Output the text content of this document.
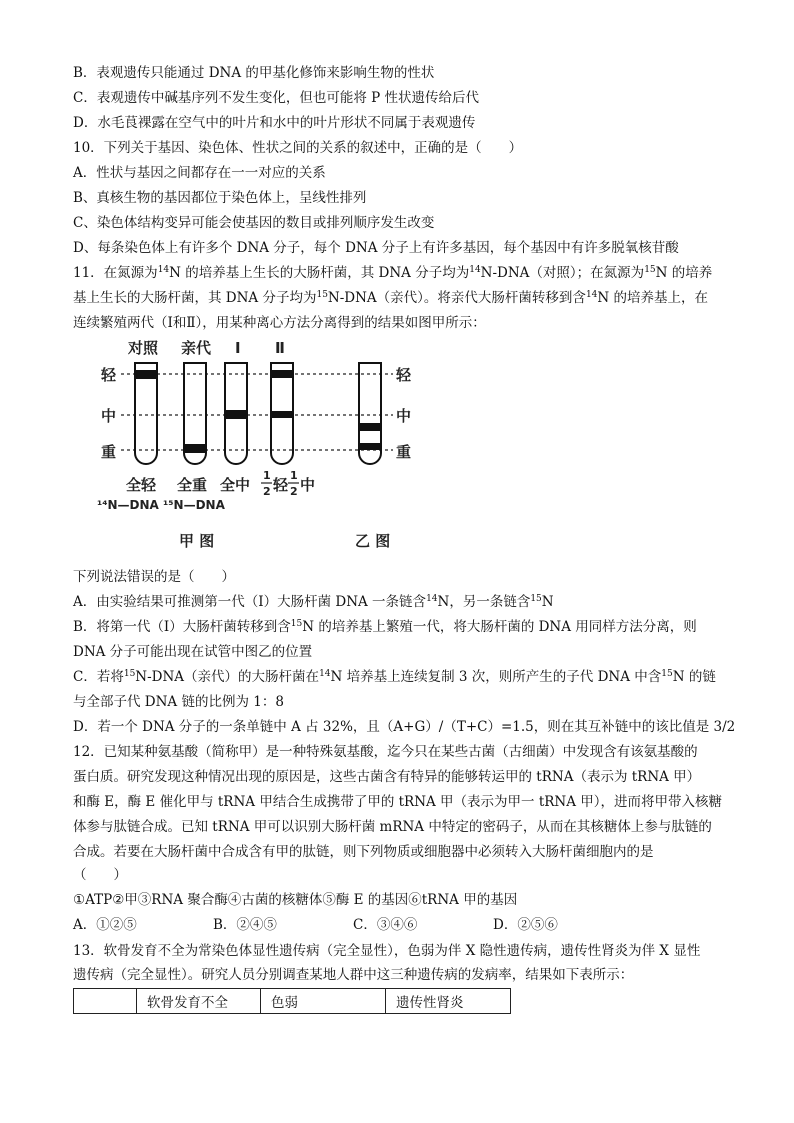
B．表观遗传只能通过 DNA 的甲基化修饰来影响生物的性状
C．表观遗传中碱基序列不发生变化，但也可能将 P 性状遗传给后代
D．水毛茛裸露在空气中的叶片和水中的叶片形状不同属于表观遗传
10．下列关于基因、染色体、性状之间的关系的叙述中，正确的是（　　）
A．性状与基因之间都存在一一对应的关系
B、真核生物的基因都位于染色体上，呈线性排列
C、染色体结构变异可能会使基因的数目或排列顺序发生改变
D、每条染色体上有许多个 DNA 分子，每个 DNA 分子上有许多基因，每个基因中有许多脱氧核苷酸
11．在氮源为$^{14}$N 的培养基上生长的大肠杆菌，其 DNA 分子均为$^{14}$N-DNA（对照）；在氮源为$^{15}$N 的培养
基上生长的大肠杆菌，其 DNA 分子均为$^{15}$N-DNA（亲代）。将亲代大肠杆菌转移到含$^{14}$N 的培养基上，在
连续繁殖两代（Ⅰ和Ⅱ），用某种离心方法分离得到的结果如图甲所示：
对照 亲代 Ⅰ Ⅱ
轻
中
重
轻
中
重
全轻 全重 全中
1
2 轻
1
2 中
¹⁴N—DNA ¹⁵N—DNA
甲 图	乙 图
下列说法错误的是（　　）
A．由实验结果可推测第一代（Ⅰ）大肠杆菌 DNA 一条链含$^{14}$N，另一条链含$^{15}$N
B．将第一代（Ⅰ）大肠杆菌转移到含$^{15}$N 的培养基上繁殖一代，将大肠杆菌的 DNA 用同样方法分离，则
DNA 分子可能出现在试管中图乙的位置
C．若将$^{15}$N-DNA（亲代）的大肠杆菌在$^{14}$N 培养基上连续复制 3 次，则所产生的子代 DNA 中含$^{15}$N 的链
与全部子代 DNA 链的比例为 1：8
D．若一个 DNA 分子的一条单链中 A 占 32%，且（A+G）/（T+C）=1.5，则在其互补链中的该比值是 3/2
12．已知某种氨基酸（简称甲）是一种特殊氨基酸，迄今只在某些古菌（古细菌）中发现含有该氨基酸的
蛋白质。研究发现这种情况出现的原因是，这些古菌含有特异的能够转运甲的 tRNA（表示为 tRNA 甲）
和酶 E，酶 E 催化甲与 tRNA 甲结合生成携带了甲的 tRNA 甲（表示为甲一 tRNA 甲），进而将甲带入核糖
体参与肽链合成。已知 tRNA 甲可以识别大肠杆菌 mRNA 中特定的密码子，从而在其核糖体上参与肽链的
合成。若要在大肠杆菌中合成含有甲的肽链，则下列物质或细胞器中必须转入大肠杆菌细胞内的是
（　　）
①ATP②甲③RNA 聚合酶④古菌的核糖体⑤酶 E 的基因⑥tRNA 甲的基因
A．①②⑤	B．②④⑤	C．③④⑥	D．②⑤⑥
13．软骨发育不全为常染色体显性遗传病（完全显性），色弱为伴 X 隐性遗传病，遗传性肾炎为伴 X 显性
遗传病（完全显性）。研究人员分别调查某地人群中这三种遗传病的发病率，结果如下表所示：
	软骨发育不全	色弱	遗传性肾炎
